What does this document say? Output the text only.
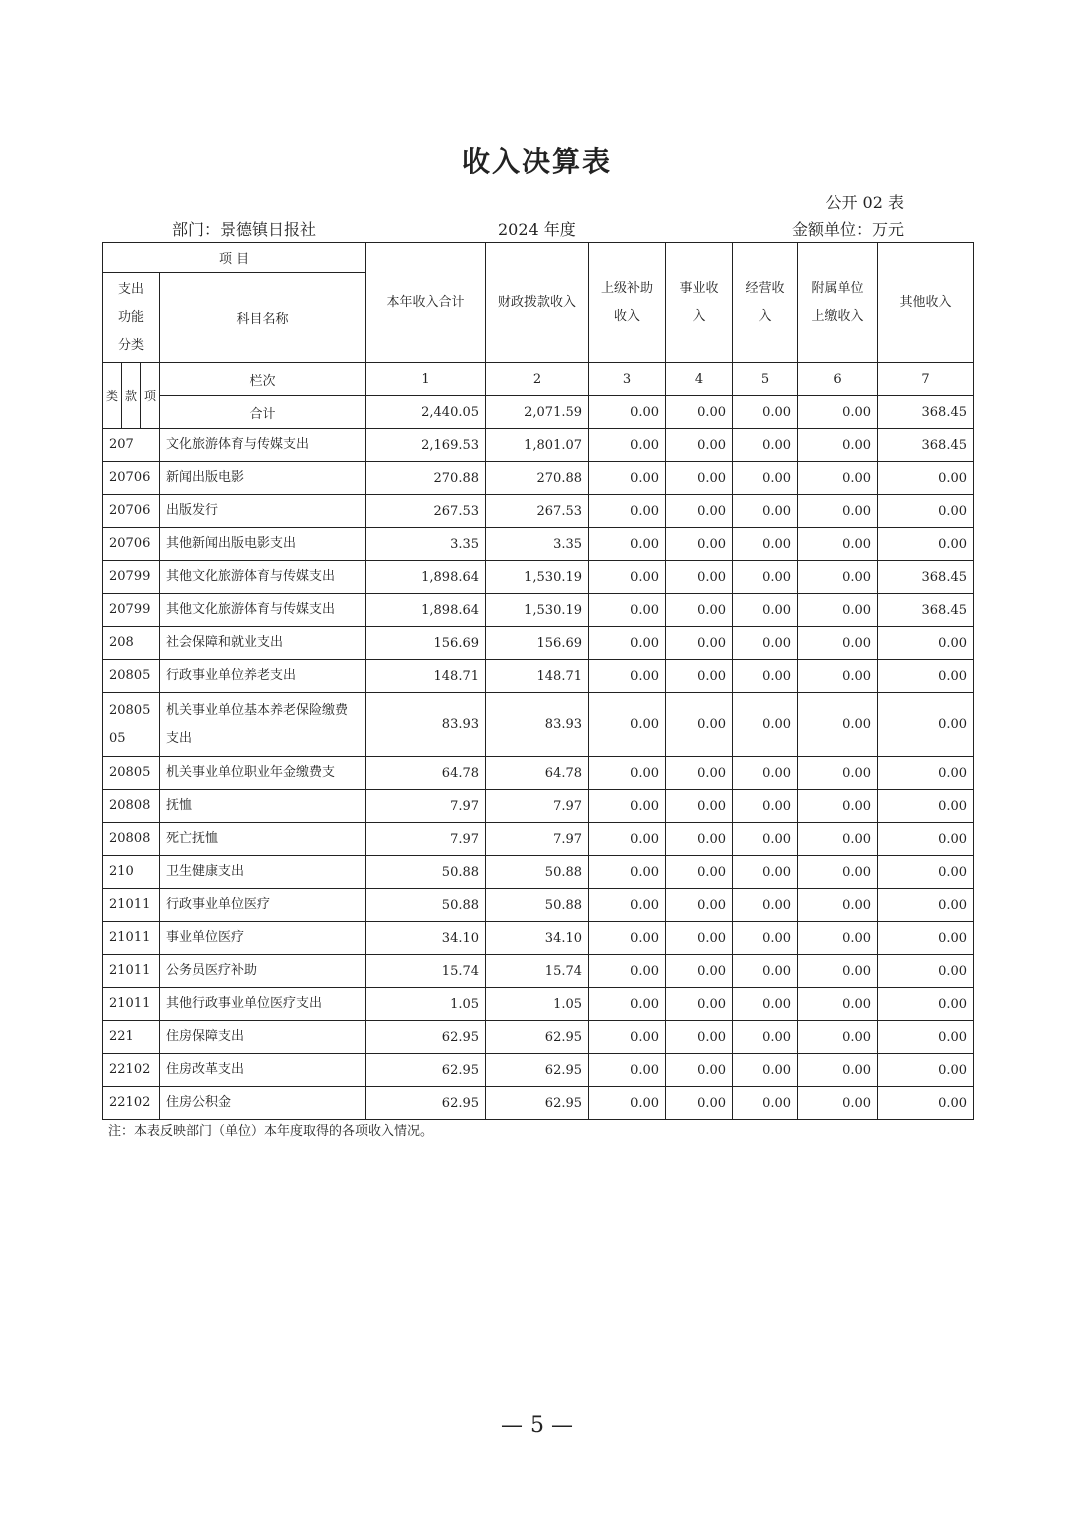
收入决算表
公开 02 表
部门：景德镇日报社	2024 年度	金额单位：万元
项 目				本年收入合计	财政拨款收入	上级补助收入	事业收入	经营收入	附属单位上缴收入	其他收入
支出功能分类			科目名称							
类	款	项	栏次	1	2	3	4	5	6	7
			合计	2,440.05	2,071.59	0.00	0.00	0.00	0.00	368.45
207			文化旅游体育与传媒支出	2,169.53	1,801.07	0.00	0.00	0.00	0.00	368.45
20706			新闻出版电影	270.88	270.88	0.00	0.00	0.00	0.00	0.00
20706			出版发行	267.53	267.53	0.00	0.00	0.00	0.00	0.00
20706			其他新闻出版电影支出	3.35	3.35	0.00	0.00	0.00	0.00	0.00
20799			其他文化旅游体育与传媒支出	1,898.64	1,530.19	0.00	0.00	0.00	0.00	368.45
20799			其他文化旅游体育与传媒支出	1,898.64	1,530.19	0.00	0.00	0.00	0.00	368.45
208			社会保障和就业支出	156.69	156.69	0.00	0.00	0.00	0.00	0.00
20805			行政事业单位养老支出	148.71	148.71	0.00	0.00	0.00	0.00	0.00
2080505			机关事业单位基本养老保险缴费支出	83.93	83.93	0.00	0.00	0.00	0.00	0.00
20805			机关事业单位职业年金缴费支	64.78	64.78	0.00	0.00	0.00	0.00	0.00
20808			抚恤	7.97	7.97	0.00	0.00	0.00	0.00	0.00
20808			死亡抚恤	7.97	7.97	0.00	0.00	0.00	0.00	0.00
210			卫生健康支出	50.88	50.88	0.00	0.00	0.00	0.00	0.00
21011			行政事业单位医疗	50.88	50.88	0.00	0.00	0.00	0.00	0.00
21011			事业单位医疗	34.10	34.10	0.00	0.00	0.00	0.00	0.00
21011			公务员医疗补助	15.74	15.74	0.00	0.00	0.00	0.00	0.00
21011			其他行政事业单位医疗支出	1.05	1.05	0.00	0.00	0.00	0.00	0.00
221			住房保障支出	62.95	62.95	0.00	0.00	0.00	0.00	0.00
22102			住房改革支出	62.95	62.95	0.00	0.00	0.00	0.00	0.00
22102			住房公积金	62.95	62.95	0.00	0.00	0.00	0.00	0.00
注：本表反映部门（单位）本年度取得的各项收入情况。
— 5 —
